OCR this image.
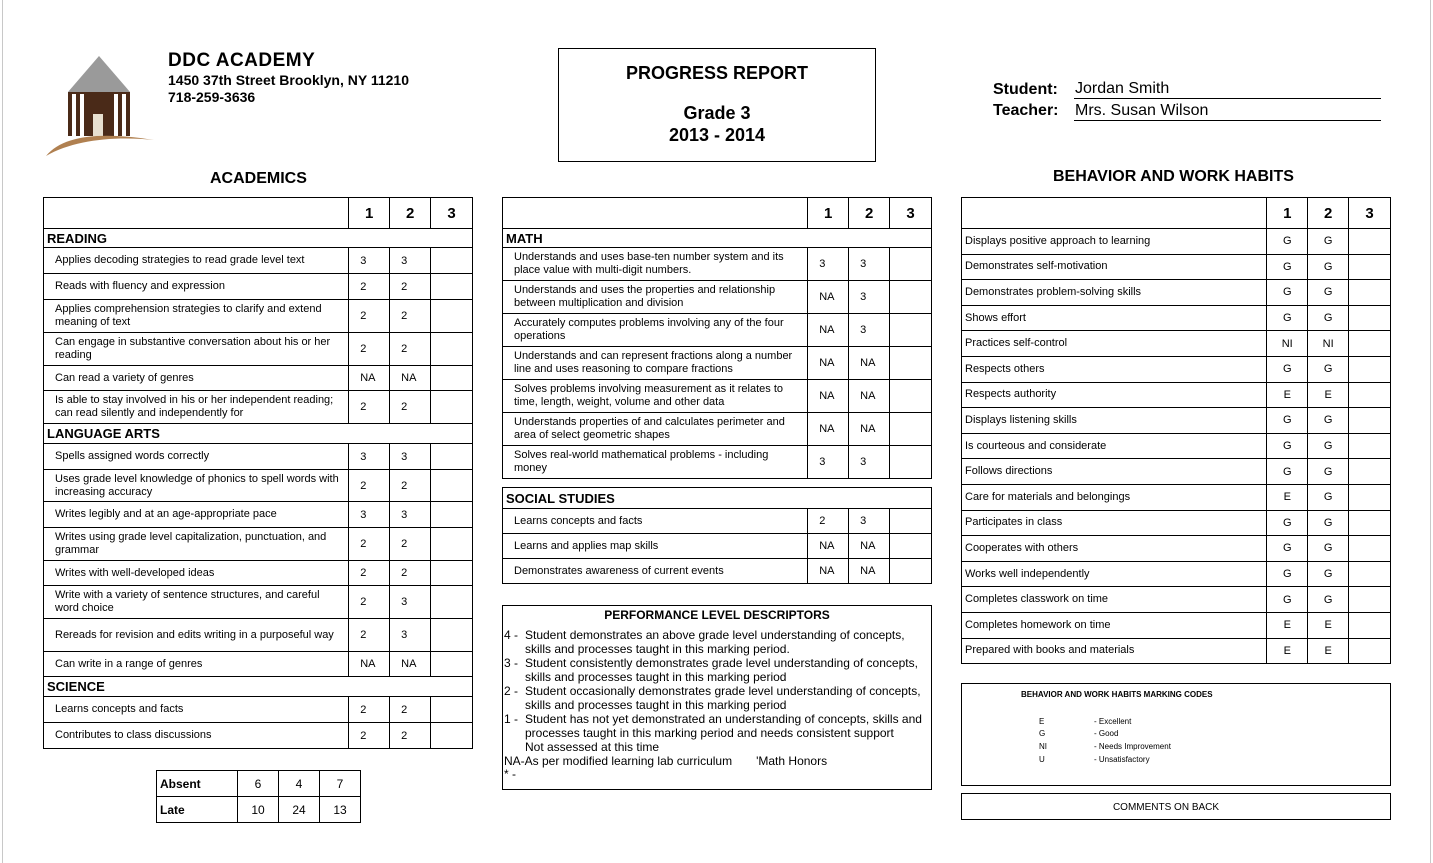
DDC ACADEMY
1450 37th Street Brooklyn, NY 11210
718-259-3636
PROGRESS REPORT
Grade 3
2013 - 2014
Student: Jordan Smith
Teacher: Mrs. Susan Wilson
ACADEMICS	BEHAVIOR AND WORK HABITS
	1	2	3
READING			
Applies decoding strategies to read grade level text	3	3	
Reads with fluency and expression	2	2	
Applies comprehension strategies to clarify and extend meaning of text	2	2	
Can engage in substantive conversation about his or her reading	2	2	
Can read a variety of genres	NA	NA	
Is able to stay involved in his or her independent reading; can read silently and independently for	2	2	
LANGUAGE ARTS			
Spells assigned words correctly	3	3	
Uses grade level knowledge of phonics to spell words with increasing accuracy	2	2	
Writes legibly and at an age-appropriate pace	3	3	
Writes using grade level capitalization, punctuation, and grammar	2	2	
Writes with well-developed ideas	2	2	
Write with a variety of sentence structures, and careful word choice	2	3	
Rereads for revision and edits writing in a purposeful way	2	3	
Can write in a range of genres	NA	NA	
SCIENCE			
Learns concepts and facts	2	2	
Contributes to class discussions	2	2	
	1	2	3
MATH			
Understands and uses base-ten number system and its place value with multi-digit numbers.	3	3	
Understands and uses the properties and relationship between multiplication and division	NA	3	
Accurately computes problems involving any of the four operations	NA	3	
Understands and can represent fractions along a number line and uses reasoning to compare fractions	NA	NA	
Solves problems involving measurement as it relates to time, length, weight, volume and other data	NA	NA	
Understands properties of and calculates perimeter and area of select geometric shapes	NA	NA	
Solves real-world mathematical problems - including money	3	3	
SOCIAL STUDIES			
Learns concepts and facts	2	3	
Learns and applies map skills	NA	NA	
Demonstrates awareness of current events	NA	NA	
	1	2	3
Displays positive approach to learning	G	G	
Demonstrates self-motivation	G	G	
Demonstrates problem-solving skills	G	G	
Shows effort	G	G	
Practices self-control	NI	NI	
Respects others	G	G	
Respects authority	E	E	
Displays listening skills	G	G	
Is courteous and considerate	G	G	
Follows directions	G	G	
Care for materials and belongings	E	G	
Participates in class	G	G	
Cooperates with others	G	G	
Works well independently	G	G	
Completes classwork on time	G	G	
Completes homework on time	E	E	
Prepared with books and materials	E	E	
PERFORMANCE LEVEL DESCRIPTORS
4 - Student demonstrates an above grade level understanding of concepts, skills and processes taught in this marking period.
3 - Student consistently demonstrates grade level understanding of concepts, skills and processes taught in this marking period
2 - Student occasionally demonstrates grade level understanding of concepts, skills and processes taught in this marking period
1 - Student has not yet demonstrated an understanding of concepts, skills and processes taught in this marking period and needs consistent support
Not assessed at this time
NA-As per modified learning lab curriculum 'Math Honors
* -
BEHAVIOR AND WORK HABITS MARKING CODES
E	- Excellent
G	- Good
NI	- Needs Improvement
U	- Unsatisfactory
COMMENTS ON BACK
Absent	6	4	7
Late	10	24	13
